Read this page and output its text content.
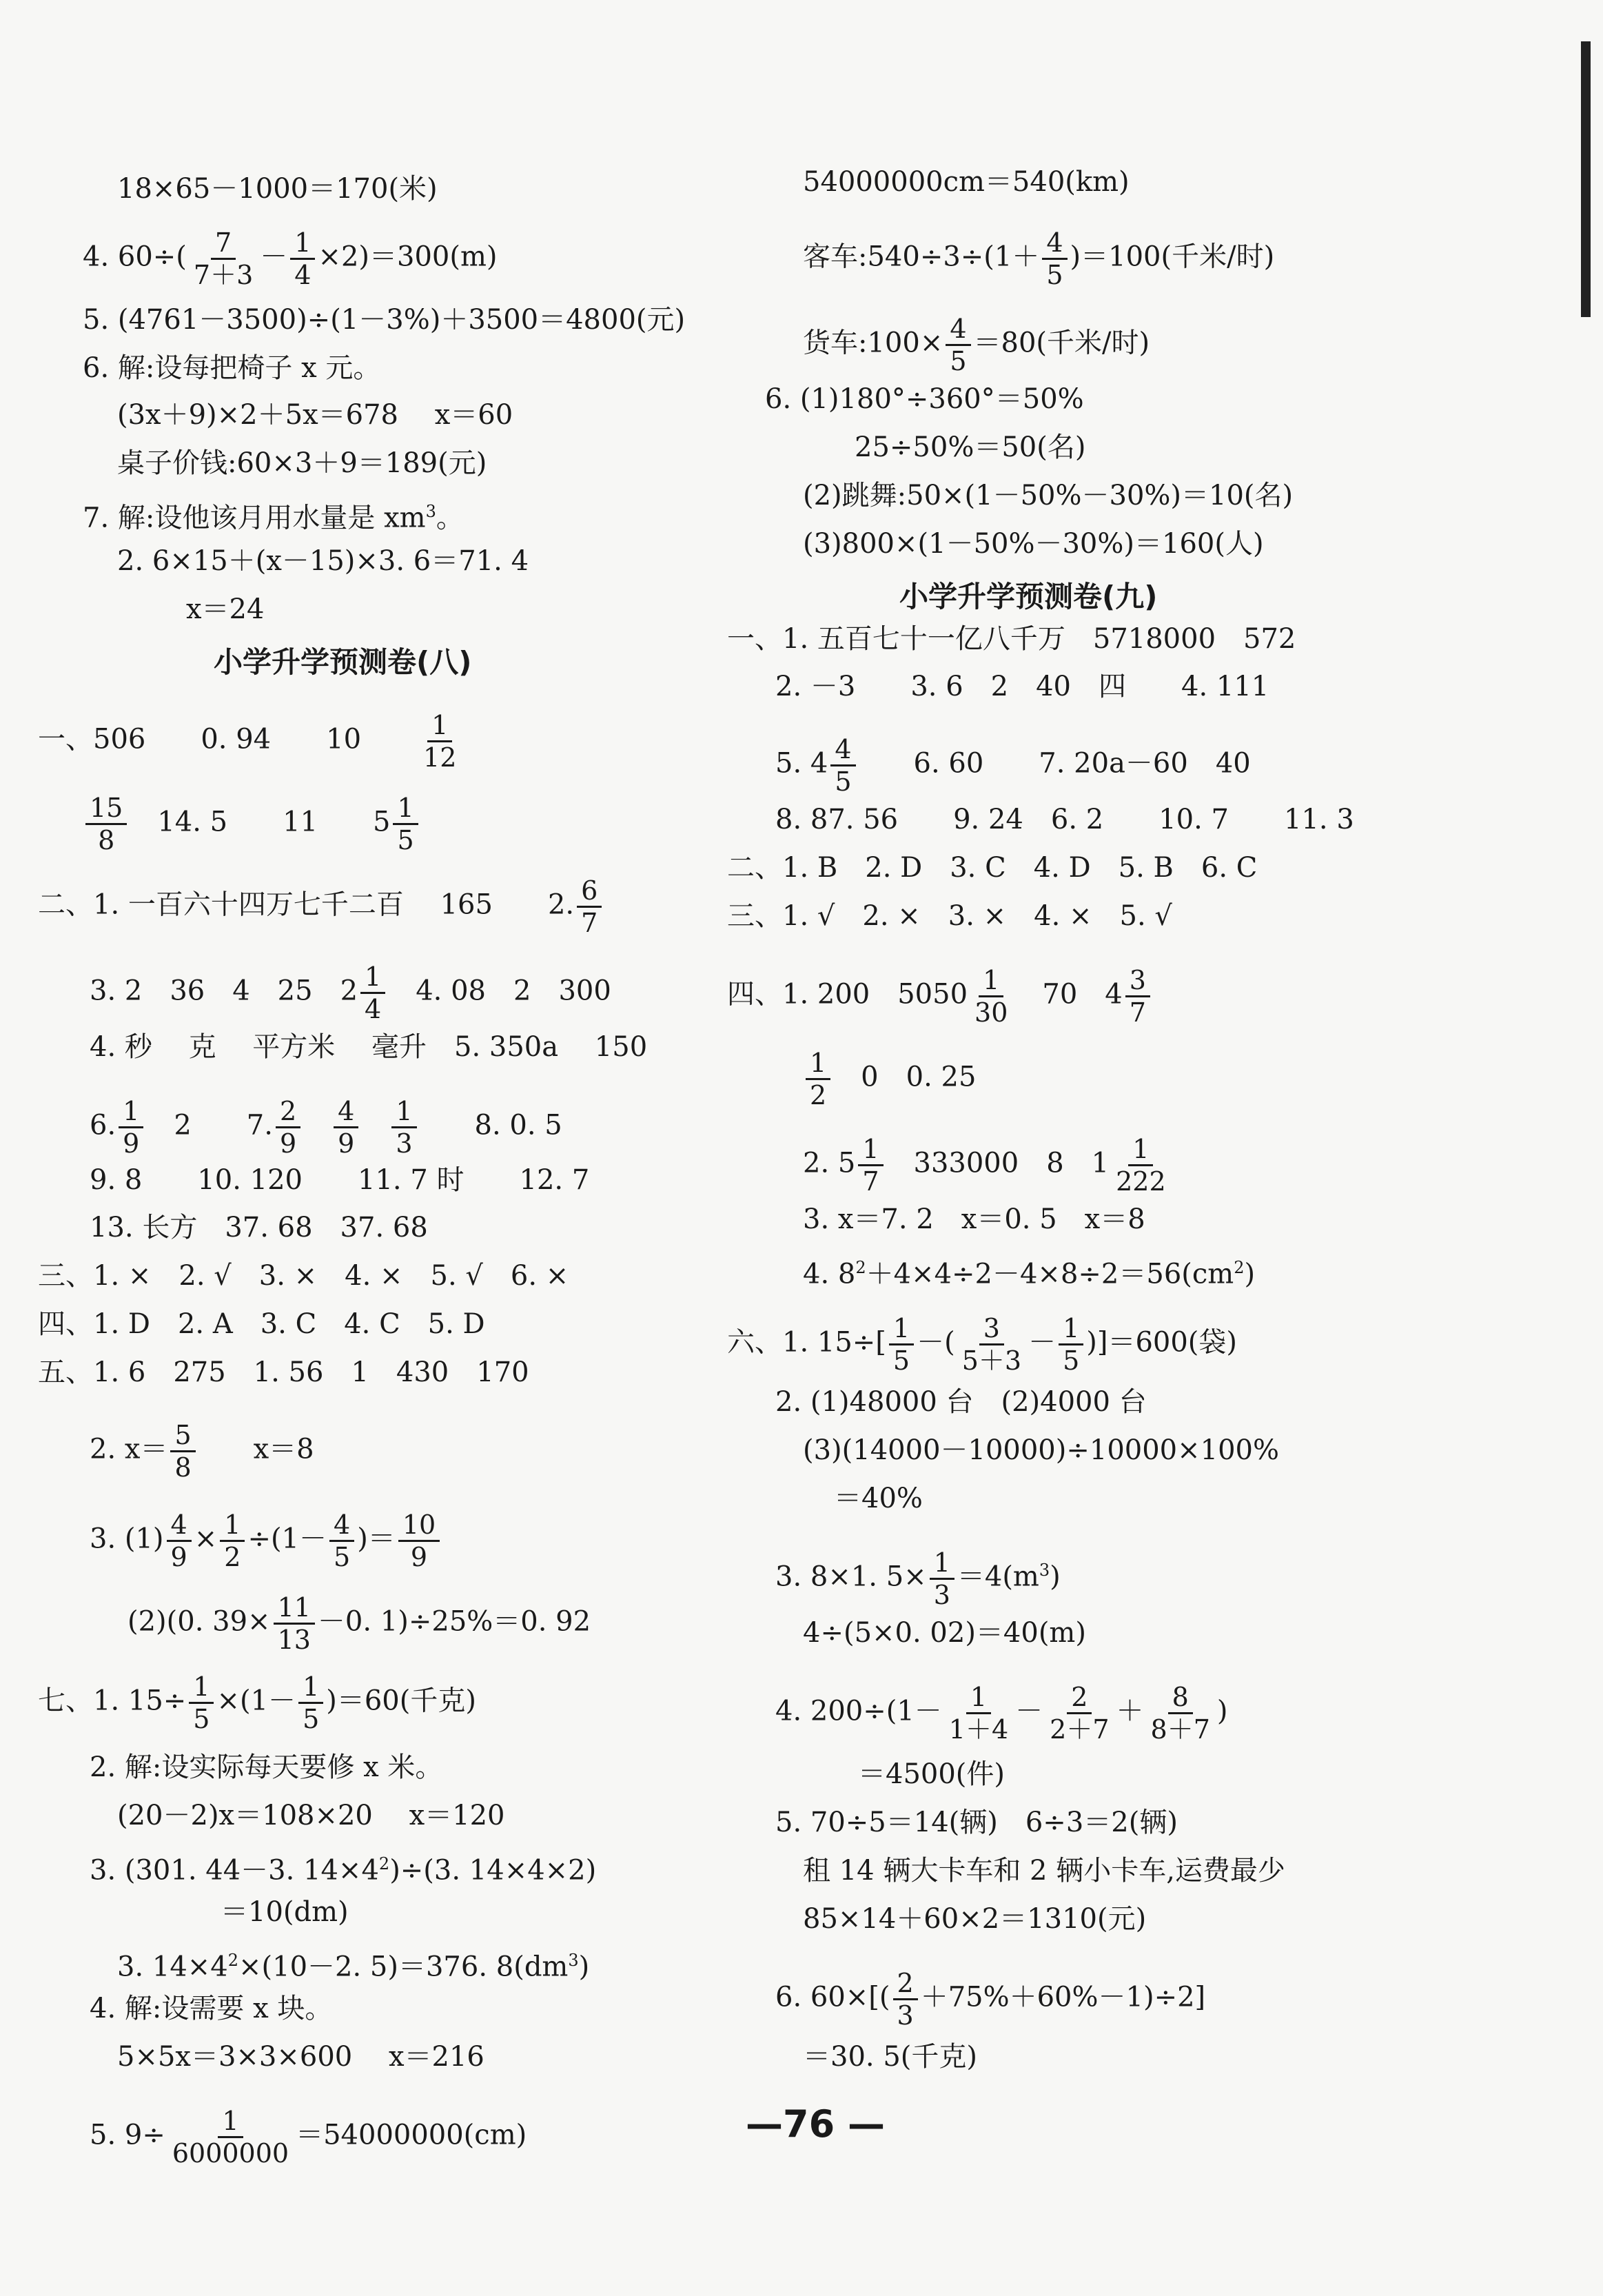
18×65－1000＝170(米)
4. $60\div( \frac{7}{7+3} - \frac{1}{4} \times 2)=300(m)$
5. (4761－3500)÷(1－3%)＋3500＝4800(元)
6. 解:设每把椅子 x 元。
(3x＋9)×2＋5x＝678　 x＝60
桌子价钱:60×3＋9＝189(元)
7. 解:设他该月用水量是 $xm^3$。
2. 6×15＋(x－15)×3. 6＝71. 4
x＝24
小学升学预测卷(八)
一、506　　0. 94　　10　　 $\frac{1}{12}$
$\frac{15}{8}$ 　14. 5　　11　　$5 \frac{1}{5}$
二、1. 一百六十四万七千二百　 165　　2. $\frac{6}{7}$
3. 2　36　4　25　$2 \frac{1}{4}$ 　4. 08　2　300
4. 秒　 克　 平方米　 毫升　5. 350a　 150
6. $\frac{1}{9}$ 　2　　7. $\frac{2}{9}$
　 $\frac{4}{9}$
　 $\frac{1}{3}$ 　　8. 0. 5
9. 8　　10. 120　　11. 7 时　　12. 7
13. 长方　37. 68　37. 68
三、1. ×　2. √　3. ×　4. ×　5. √　6. ×
四、1. D　2. A　3. C　4. C　5. D
五、1. 6　275　1. 56　1　430　170
2. $x= \frac{5}{8}$ 　　x＝8
3. $(1) \frac{4}{9} \times \frac{1}{2} \div(1- \frac{4}{5}$ )＝ $\frac{10}{9}$
(2)(0. $39\times \frac{11}{13} -0$. 1)÷25%＝0. 92
七、1. $15\div \frac{1}{5} \times(1- \frac{1}{5} )=60$(千克)
2. 解:设实际每天要修 x 米。
(20－2)x＝108×20　 x＝120
3. (301. 44－3. $14\times 4^2)\div(3$. 14×4×2)
＝10(dm)
3. $14\times 4^2\times(10-2$. 5)＝376. $8(dm^3)$
4. 解:设需要 x 块。
5×5x＝3×3×600　 x＝216
5. $9\div \frac{1}{6000000} =54000000(cm)$
54000000cm＝540(km)
客车:540÷3÷(1＋ $\frac{4}{5} )=100$(千米/时)
货车:100× $\frac{4}{5} =80$(千米/时)
6. (1)180°÷360°＝50%
25÷50%＝50(名)
(2)跳舞:50×(1－50%－30%)＝10(名)
(3)800×(1－50%－30%)＝160(人)
小学升学预测卷(九)
一、1. 五百七十一亿八千万　5718000　572
2. －3　　3. 6　2　40　四　　4. 111
5. $4 \frac{4}{5}$ 　　6. 60　　7. 20a－60　40
8. 87. 56　　9. 24　6. 2　　10. 7　　11. 3
二、1. B　2. D　3. C　4. D　5. B　6. C
三、1. √　2. ×　3. ×　4. ×　5. √
四、1. 200　$5050 \frac{1}{30}$ 　70　$4 \frac{3}{7}$
$\frac{1}{2}$ 　0　0. 25
2. $5 \frac{1}{7}$ 　333000　8　$1 \frac{1}{222}$
3. x＝7. 2　x＝0. 5　x＝8
4. $8^2+4\times 4\div 2-4\times 8\div 2=56(cm^2)$
六、1. $15\div[ \frac{1}{5}$ －( $\frac{3}{5+3} - \frac{1}{5} )]=600$(袋)
2. (1)48000 台　(2)4000 台
(3)(14000－10000)÷10000×100%
＝40%
3. 8×1. $5\times \frac{1}{3} =4(m^3)$
4÷(5×0. 02)＝40(m)
4. $200\div(1- \frac{1}{1+4} - \frac{2}{2+7} + \frac{8}{8+7}$ )
＝4500(件)
5. 70÷5＝14(辆)　6÷3＝2(辆)
租 14 辆大卡车和 2 辆小卡车,运费最少
85×14＋60×2＝1310(元)
6. $60\times[( \frac{2}{3} +75\%+60\%-1)\div 2]$
＝30. 5(千克)
—76 —
